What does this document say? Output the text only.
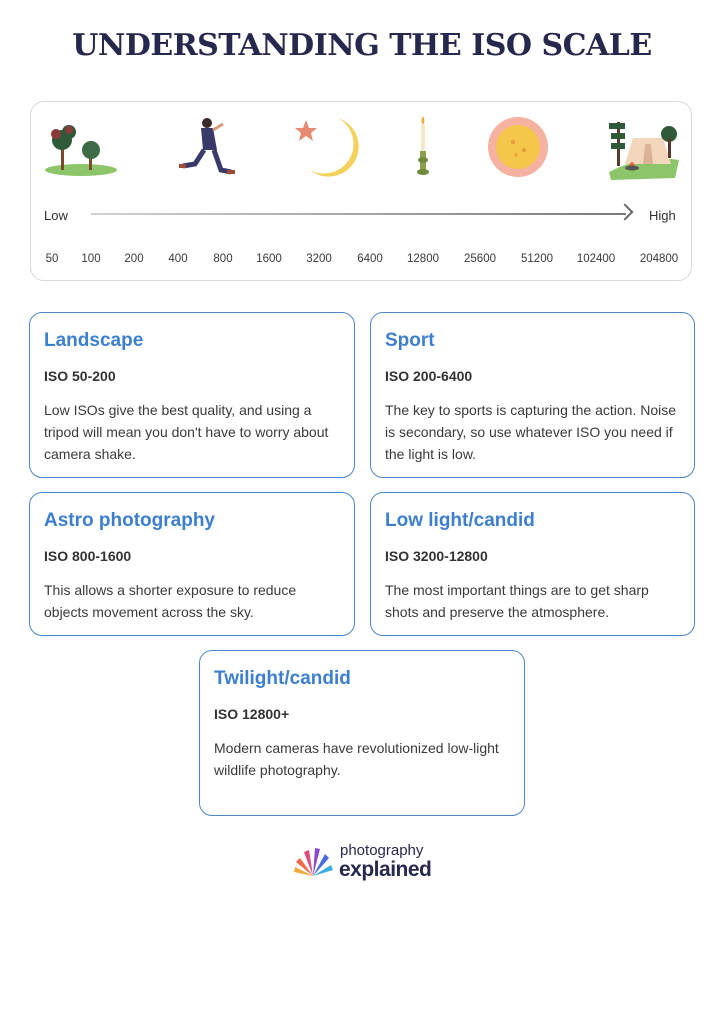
UNDERSTANDING THE ISO SCALE
Low	High
50 100 200 400 800 1600 3200 6400 12800 25600 51200 102400 204800
Landscape
ISO 50-200

Low ISOs give the best quality, and using a tripod will mean you don't have to worry about camera shake.

Sport
ISO 200-6400

The key to sports is capturing the action. Noise is secondary, so use whatever ISO you need if the light is low.

Astro photography
ISO 800-1600

This allows a shorter exposure to reduce objects movement across the sky.

Low light/candid
ISO 3200-12800

The most important things are to get sharp shots and preserve the atmosphere.

Twilight/candid
ISO 12800+

Modern cameras have revolutionized low-light wildlife photography.

photography
explained
